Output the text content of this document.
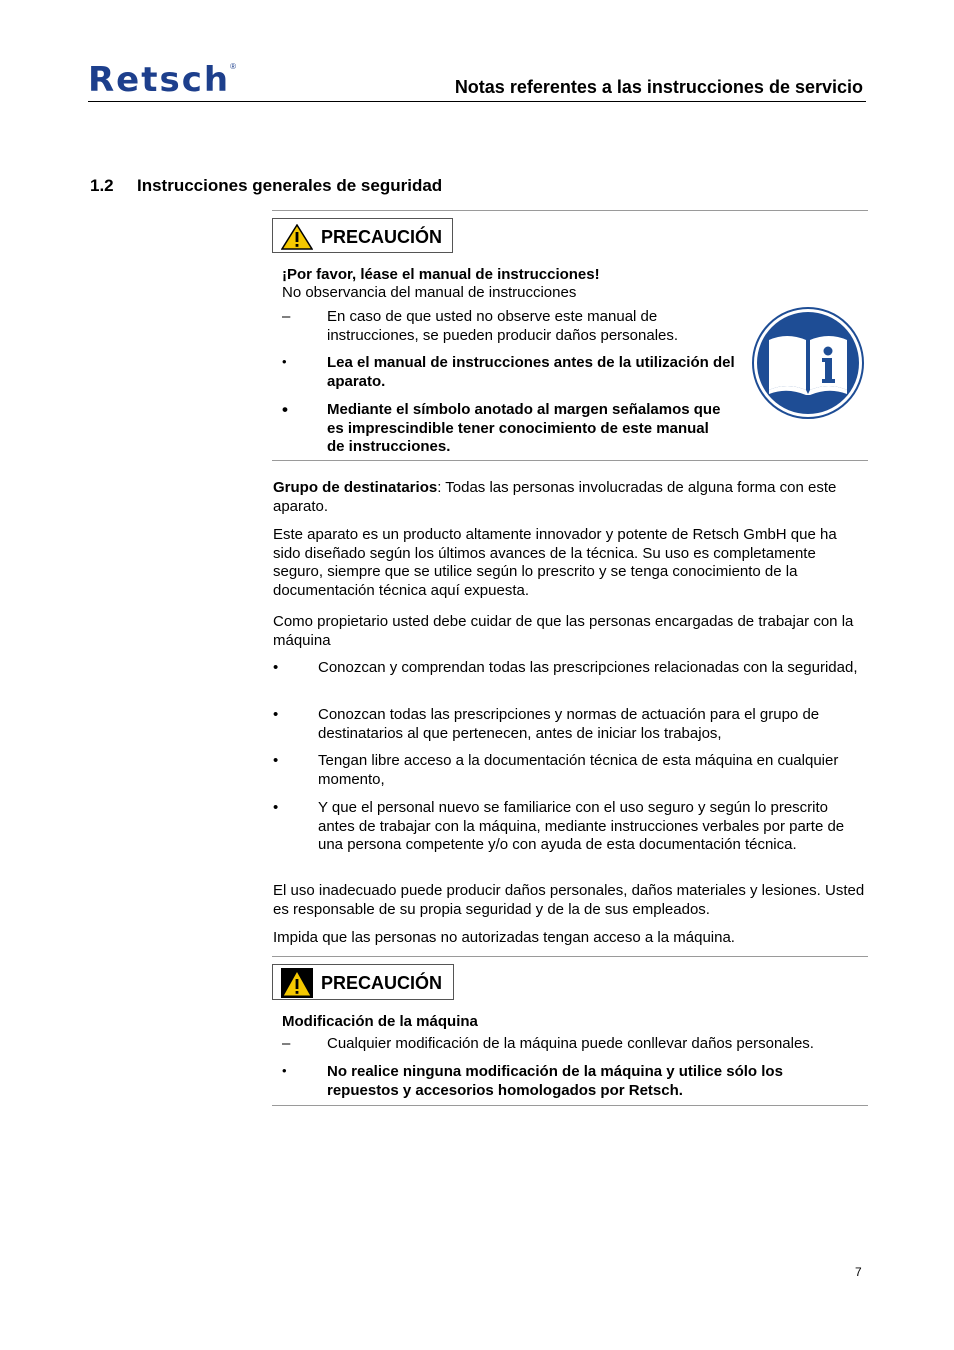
Retsch®
Notas referentes a las instrucciones de servicio
1.2 Instrucciones generales de seguridad
PRECAUCIÓN
¡Por favor, léase el manual de instrucciones!
No observancia del manual de instrucciones
– En caso de que usted no observe este manual de instrucciones, se pueden producir daños personales.
•	Lea el manual de instrucciones antes de la utilización del aparato.
•	Mediante el símbolo anotado al margen señalamos que es imprescindible tener conocimiento de este manual de instrucciones.
Grupo de destinatarios: Todas las personas involucradas de alguna forma con este aparato.
Este aparato es un producto altamente innovador y potente de Retsch GmbH que ha sido diseñado según los últimos avances de la técnica. Su uso es completamente seguro, siempre que se utilice según lo prescrito y se tenga conocimiento de la documentación técnica aquí expuesta.
Como propietario usted debe cuidar de que las personas encargadas de trabajar con la máquina
•	Conozcan y comprendan todas las prescripciones relacionadas con la seguridad,
•	Conozcan todas las prescripciones y normas de actuación para el grupo de destinatarios al que pertenecen, antes de iniciar los trabajos,
•	Tengan libre acceso a la documentación técnica de esta máquina en cualquier momento,
•	Y que el personal nuevo se familiarice con el uso seguro y según lo prescrito antes de trabajar con la máquina, mediante instrucciones verbales por parte de una persona competente y/o con ayuda de esta documentación técnica.
El uso inadecuado puede producir daños personales, daños materiales y lesiones. Usted es responsable de su propia seguridad y de la de sus empleados.
Impida que las personas no autorizadas tengan acceso a la máquina.
PRECAUCIÓN
Modificación de la máquina
– Cualquier modificación de la máquina puede conllevar daños personales.
•	No realice ninguna modificación de la máquina y utilice sólo los repuestos y accesorios homologados por Retsch.
7
